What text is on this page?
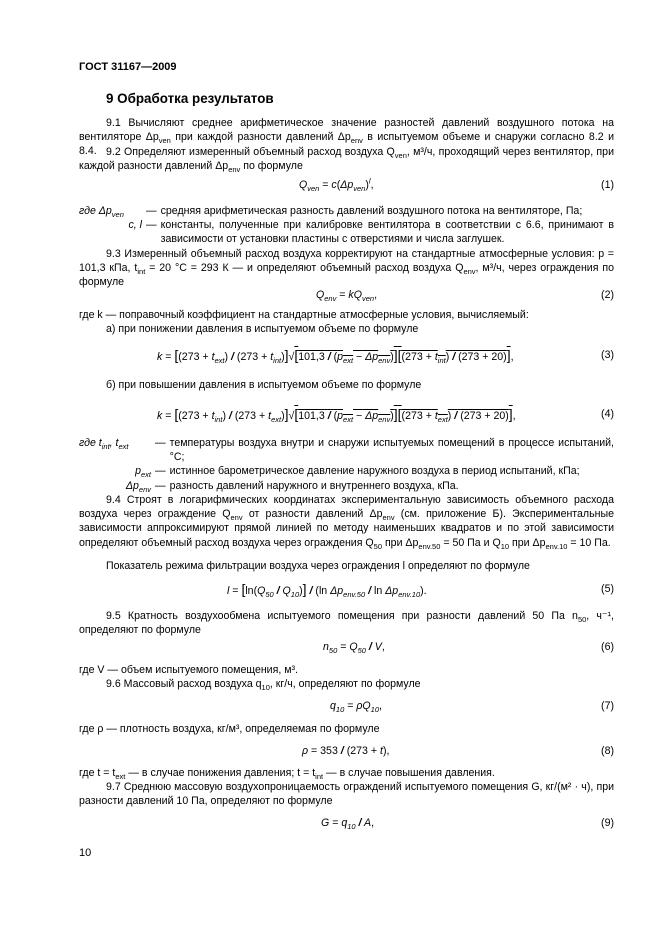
ГОСТ 31167—2009
9 Обработка результатов
9.1 Вычисляют среднее арифметическое значение разностей давлений воздушного потока на вентиляторе $\Delta p_{ven}$ при каждой разности давлений $\Delta p_{env}$ в испытуемом объеме и снаружи согласно 8.2 и 8.4. 9.2 Определяют измеренный объемный расход воздуха $Q_{ven}$, м³/ч, проходящий через вентилятор, при каждой разности давлений $\Delta p_{env}$ по формуле
$Q_{ven} = c(\Delta p_{ven})^l$,	(1)
где $\Delta p_{ven}$	— средняя арифметическая разность давлений воздушного потока на вентиляторе, Па;
c, l — константы, полученные при калибровке вентилятора в соответствии с 6.6, принимают в зависимости от установки пластины с отверстиями и числа заглушек.
9.3 Измеренный объемный расход воздуха корректируют на стандартные атмосферные условия: p = 101,3 кПа, $t_{int} = 20$ °С = 293 К — и определяют объемный расход воздуха $Q_{env}$, м³/ч, через ограждения по формуле
$Q_{env} = kQ_{ven}$,	(2)
где k — поправочный коэффициент на стандартные атмосферные условия, вычисляемый:
а) при понижении давления в испытуемом объеме по формуле
$k = [(273 + t_{ext}) / (273 + t_{int})]√[101,3 / (p_{ext} - \Delta p_{env})][(273 + t_{int}) / (273 + 20)]$,	(3)
б) при повышении давления в испытуемом объеме по формуле
$k = [(273 + t_{int}) / (273 + t_{ext})]√[101,3 / (p_{ext} - \Delta p_{env})][(273 + t_{ext}) / (273 + 20)]$,	(4)
где $t_{int}$, $t_{ext}$	— температуры воздуха внутри и снаружи испытуемых помещений в процессе испытаний, °С;
$p_{ext}$ — истинное барометрическое давление наружного воздуха в период испытаний, кПа;
$\Delta p_{env}$ — разность давлений наружного и внутреннего воздуха, кПа.
9.4 Строят в логарифмических координатах экспериментальную зависимость объемного расхода воздуха через ограждение $Q_{env}$ от разности давлений $\Delta p_{env}$ (см. приложение Б). Экспериментальные зависимости аппроксимируют прямой линией по методу наименьших квадратов и по этой зависимости определяют объемный расход воздуха через ограждения $Q_{50}$ при $\Delta p_{env.50} = 50$ Па и $Q_{10}$ при $\Delta p_{env.10} = 10$ Па.
Показатель режима фильтрации воздуха через ограждения l определяют по формуле
$l = [\ln(Q_{50} / Q_{10})] / (\ln$ $\Delta p_{env.50}$ / $\ln \Delta p_{env.10}$).	(5)
9.5 Кратность воздухообмена испытуемого помещения при разности давлений 50 Па $n_{50}$, ч⁻¹, определяют по формуле
$n_{50} = Q_{50} / V$,	(6)
где V — объем испытуемого помещения, м³.
9.6 Массовый расход воздуха $q_{10}$, кг/ч, определяют по формуле
$q_{10} = \rho Q_{10}$,	(7)
где ρ — плотность воздуха, кг/м³, определяемая по формуле
ρ = 353 / (273 + t),	(8)
где $t = t_{ext}$ — в случае понижения давления; $t = t_{int}$ — в случае повышения давления.
9.7 Среднюю массовую воздухопроницаемость ограждений испытуемого помещения G, кг/(м² · ч), при разности давлений 10 Па, определяют по формуле
$G = q_{10} / A$,	(9)
10
